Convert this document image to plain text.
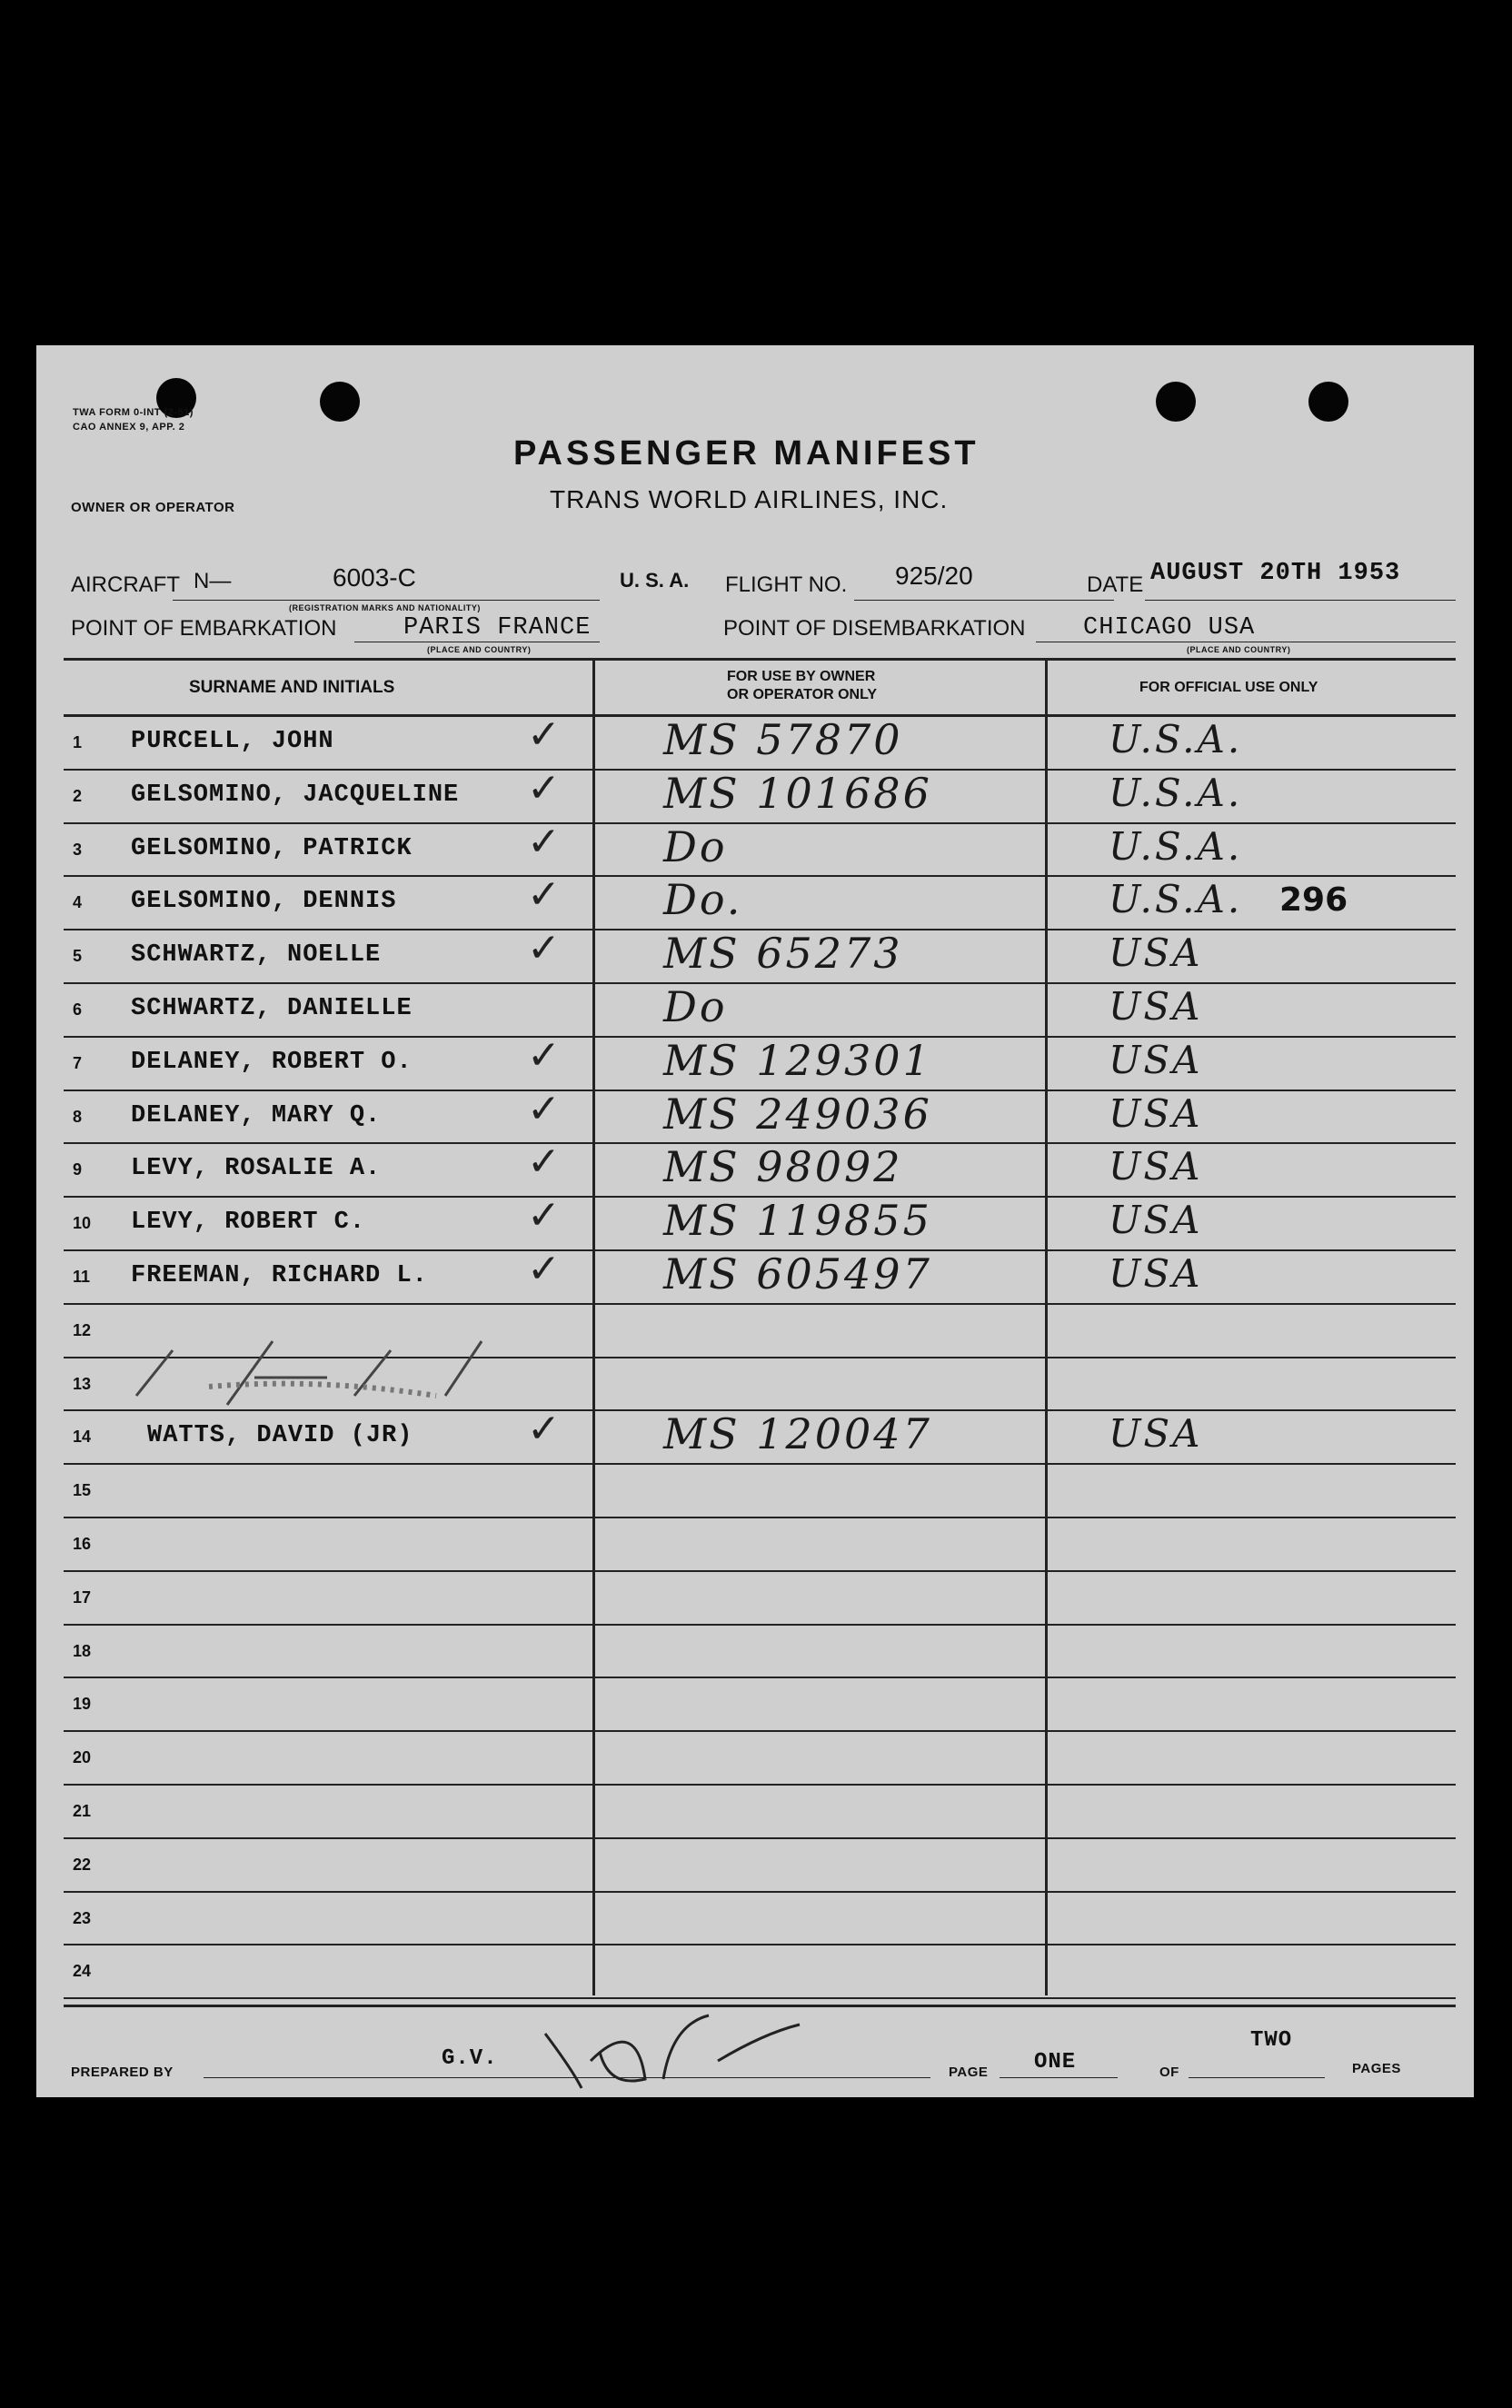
TWA FORM 0-INT (2-51)
CAO ANNEX 9, APP. 2
PASSENGER MANIFEST
TRANS WORLD AIRLINES, INC.
OWNER OR OPERATOR
AIRCRAFT N—	6003-C
(REGISTRATION MARKS AND NATIONALITY)
U. S. A. FLIGHT NO. 925/20	DATE AUGUST 20TH 1953
POINT OF EMBARKATION	PARIS FRANCE
(PLACE AND COUNTRY)
POINT OF DISEMBARKATION CHICAGO USA
(PLACE AND COUNTRY)
SURNAME AND INITIALS
FOR USE BY OWNER
OR OPERATOR ONLY	FOR OFFICIAL USE ONLY
1 PURCELL, JOHN	MS 57870	U.S.A.
✓
2 GELSOMINO, JACQUELINE	MS 101686	U.S.A.
✓
3 GELSOMINO, PATRICK	Do	U.S.A.
✓
4 GELSOMINO, DENNIS	Do.	U.S.A.
✓
5 SCHWARTZ, NOELLE	MS 65273	USA
✓
6 SCHWARTZ, DANIELLE	Do	USA
7 DELANEY, ROBERT O.	MS 129301	USA
✓
8 DELANEY, MARY Q.	MS 249036	USA
✓
9 LEVY, ROSALIE A.	MS 98092	USA
✓
10 LEVY, ROBERT C.	MS 119855	USA
✓
11 FREEMAN, RICHARD L.	MS 605497	USA
✓
12
13
14 WATTS, DAVID (JR)	MS 120047	USA
✓
15
16
17
18
19
20
21
22
23
24
296
PREPARED BY
G.V.
PAGE ONE	OF
TWO
PAGES
